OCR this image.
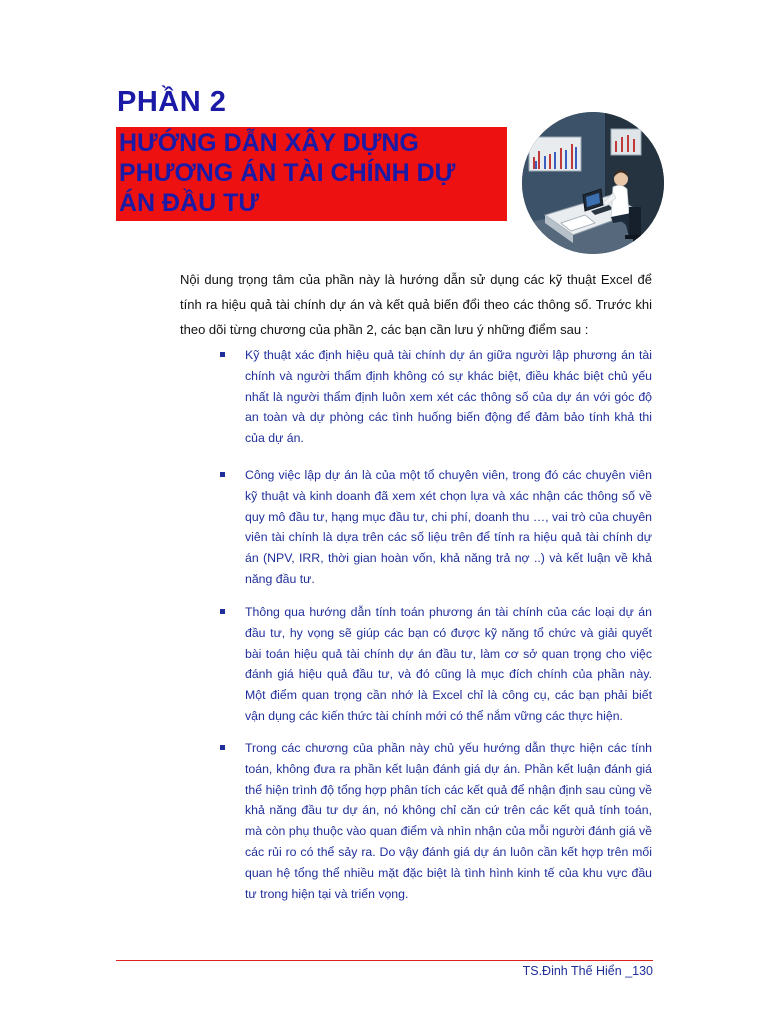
PHẦN 2
HƯỚNG DẪN XÂY DỰNG
PHƯƠNG ÁN TÀI CHÍNH DỰ
ÁN ĐẦU TƯ
Nội dung trọng tâm của phần này là hướng dẫn sử dụng các kỹ thuật Excel để tính ra hiệu quả tài chính dự án và kết quả biến đổi theo các thông số. Trước khi theo dõi từng chương của phần 2, các bạn cần lưu ý những điểm sau :
Kỹ thuật xác định hiệu quả tài chính dự án giữa người lập phương án tài chính và người thẩm định không có sự khác biệt, điều khác biệt chủ yếu nhất là người thẩm định luôn xem xét các thông số của dự án với góc độ an toàn và dự phòng các tình huống biến động để đảm bảo tính khả thi của dự án.
Công việc lập dự án là của một tổ chuyên viên, trong đó các chuyên viên kỹ thuật và kinh doanh đã xem xét chọn lựa và xác nhận các thông số về quy mô đầu tư, hạng mục đầu tư, chi phí, doanh thu …, vai trò của chuyên viên tài chính là dựa trên các số liệu trên để tính ra hiệu quả tài chính dự án (NPV, IRR, thời gian hoàn vốn, khả năng trả nợ ..) và kết luận về khả năng đầu tư.
Thông qua hướng dẫn tính toán phương án tài chính của các loại dự án đầu tư, hy vọng sẽ giúp các bạn có được kỹ năng tổ chức và giải quyết bài toán hiệu quả tài chính dự án đầu tư, làm cơ sở quan trọng cho việc đánh giá hiệu quả đầu tư, và đó cũng là mục đích chính của phần này. Một điểm quan trọng cần nhớ là Excel chỉ là công cụ, các bạn phải biết vận dụng các kiến thức tài chính mới có thể nắm vững các thực hiện.
Trong các chương của phần này chủ yếu hướng dẫn thực hiện các tính toán, không đưa ra phần kết luận đánh giá dự án. Phần kết luận đánh giá thể hiện trình độ tổng hợp phân tích các kết quả để nhận định sau cùng về khả năng đầu tư dự án, nó không chỉ căn cứ trên các kết quả tính toán, mà còn phụ thuộc vào quan điểm và nhìn nhận của mỗi người đánh giá về các rủi ro có thể sảy ra. Do vậy đánh giá dự án luôn cần kết hợp trên mối quan hệ tổng thể nhiều mặt đặc biệt là tình hình kinh tế của khu vực đầu tư trong hiện tại và triển vọng.
TS.Đinh Thế Hiển _130
